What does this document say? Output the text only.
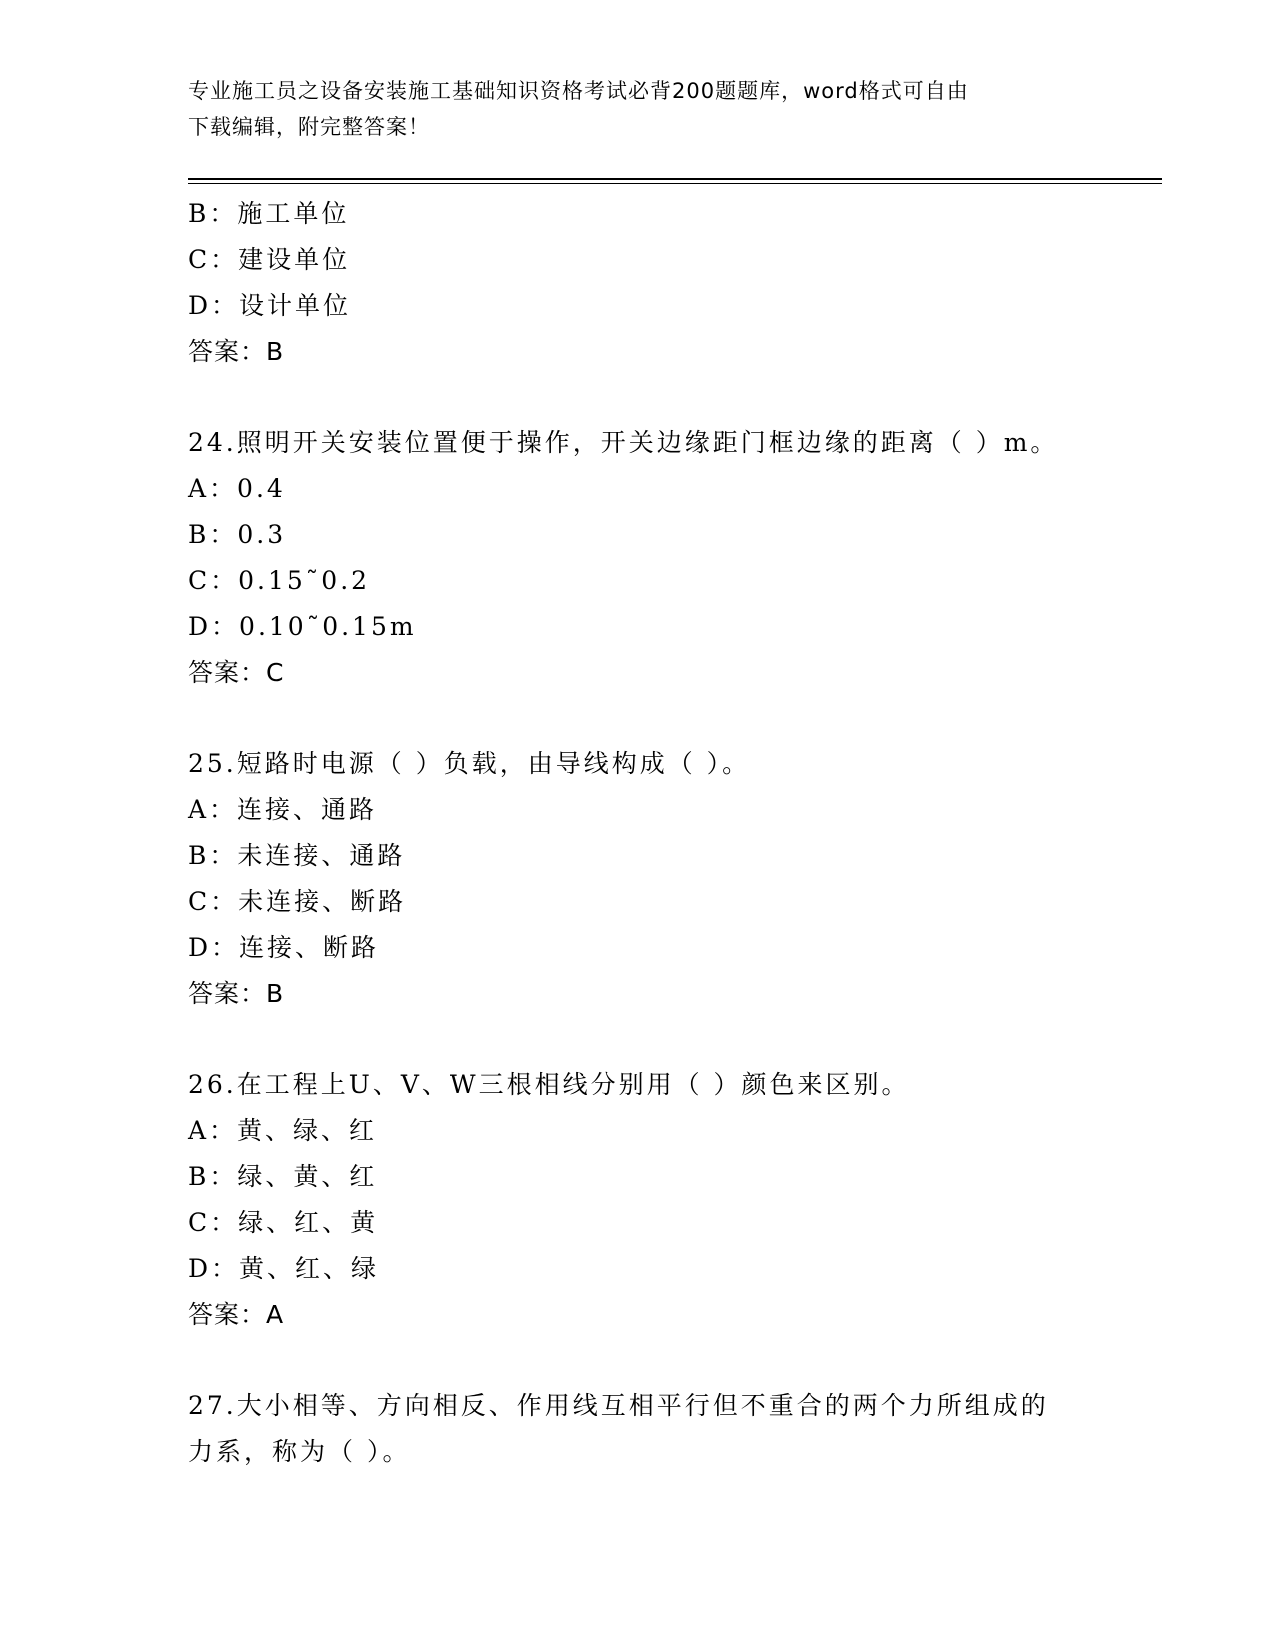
专业施工员之设备安装施工基础知识资格考试必背200题题库，word格式可自由
下载编辑，附完整答案！
B：施工单位
C：建设单位
D：设计单位
答案：B
24.照明开关安装位置便于操作，开关边缘距门框边缘的距离（ ）m。
A：0.4
B：0.3
C：0.15˜0.2
D：0.10˜0.15m
答案：C
25.短路时电源（ ）负载，由导线构成（ ）。
A：连接、通路
B：未连接、通路
C：未连接、断路
D：连接、断路
答案：B
26.在工程上U、V、W三根相线分别用（ ）颜色来区别。
A：黄、绿、红
B：绿、黄、红
C：绿、红、黄
D：黄、红、绿
答案：A
27.大小相等、方向相反、作用线互相平行但不重合的两个力所组成的
力系，称为（ ）。
